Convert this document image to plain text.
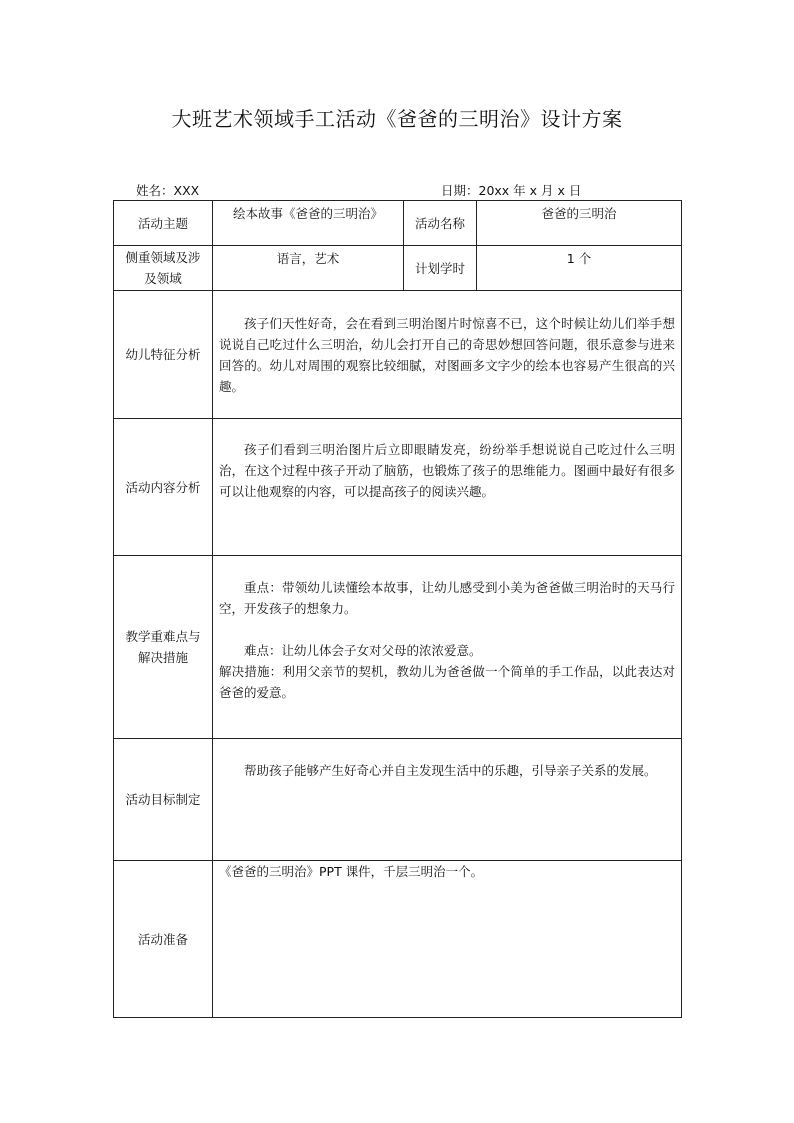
大班艺术领域手工活动《爸爸的三明治》设计方案
姓名：XXX	日期：20xx 年 x 月 x 日
活动主题	绘本故事《爸爸的三明治》	活动名称	爸爸的三明治
侧重领域及涉及领域	语言，艺术	计划学时	1 个
幼儿特征分析	孩子们天性好奇，会在看到三明治图片时惊喜不已，这个时候让幼儿们举手想说说自己吃过什么三明治，幼儿会打开自己的奇思妙想回答问题，很乐意参与进来回答的。幼儿对周围的观察比较细腻，对图画多文字少的绘本也容易产生很高的兴趣。		

活动内容分析	孩子们看到三明治图片后立即眼睛发亮，纷纷举手想说说自己吃过什么三明治，在这个过程中孩子开动了脑筋，也锻炼了孩子的思维能力。图画中最好有很多可以让他观察的内容，可以提高孩子的阅读兴趣。		

教学重难点与解决措施	重点：带领幼儿读懂绘本故事，让幼儿感受到小美为爸爸做三明治时的天马行空，开发孩子的想象力。

难点：让幼儿体会子女对父母的浓浓爱意。

解决措施：利用父亲节的契机，教幼儿为爸爸做一个简单的手工作品，以此表达对爸爸的爱意。		

活动目标制定	帮助孩子能够产生好奇心并自主发现生活中的乐趣，引导亲子关系的发展。		

活动准备	《爸爸的三明治》PPT 课件，千层三明治一个。		
